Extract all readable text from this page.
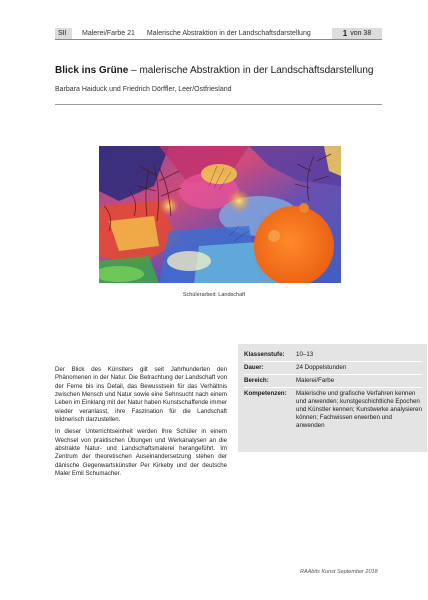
SII	Malerei/Farbe 21 Malerische Abstraktion in der Landschaftsdarstellung	1 von 38
Blick ins Grüne – malerische Abstraktion in der Landschaftsdarstellung
Barbara Haiduck und Friedrich Dörffler, Leer/Ostfriesland
Schülerarbeit: Landschaft

Der Blick des Künstlers gilt seit Jahrhunderten den Phänomenen in der Natur. Die Betrachtung der Landschaft von der Ferne bis ins Detail, das Bewusstsein für das Verhältnis zwischen Mensch und Natur sowie eine Sehnsucht nach einem Leben im Einklang mit der Natur haben Kunstschaffende immer wieder veranlasst, ihre Faszination für die Landschaft bildnerisch darzustellen.

In dieser Unterrichtseinheit werden Ihre Schüler in einem Wechsel von praktischen Übungen und Werkanalysen an die abstrakte Natur- und Landschaftsmalerei herangeführt. Im Zentrum der theoretischen Auseinandersetzung stehen der dänische Gegenwartskünstler Per Kirkeby und der deutsche Maler Emil Schumacher.

Klassenstufe:	10–13
Dauer:	24 Doppelstunden
Bereich:	Malerei/Farbe
Kompetenzen:	Malerische und grafische Verfahren kennen und anwenden; kunstgeschichtliche Epochen und Künstler kennen; Kunstwerke analysieren können; Fachwissen erwerben und anwenden
RAAbits Kunst September 2018
